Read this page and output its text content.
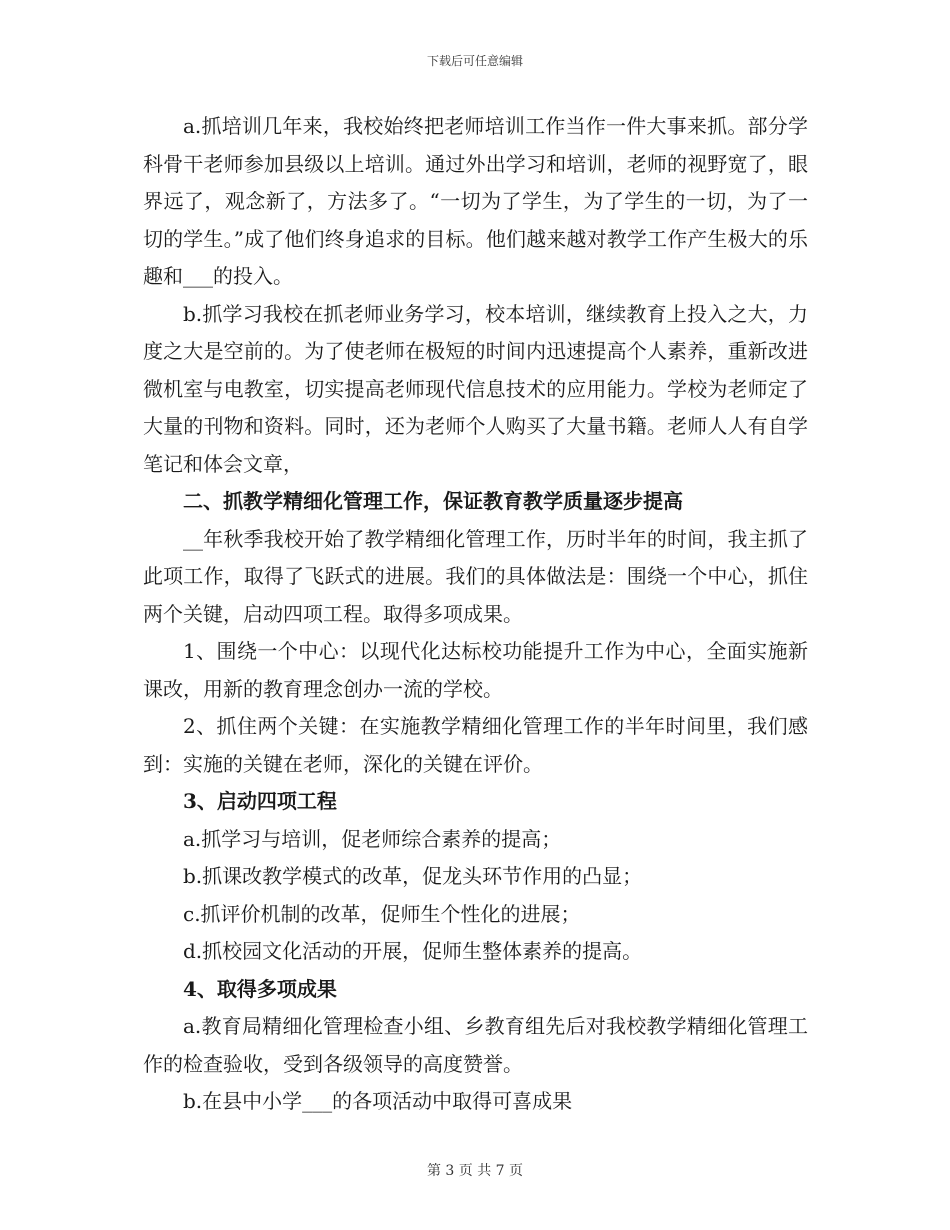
下载后可任意编辑

a.抓培训几年来，我校始终把老师培训工作当作一件大事来抓。部分学科骨干老师参加县级以上培训。通过外出学习和培训，老师的视野宽了，眼界远了，观念新了，方法多了。“一切为了学生，为了学生的一切，为了一切的学生。”成了他们终身追求的目标。他们越来越对教学工作产生极大的乐趣和___的投入。

b.抓学习我校在抓老师业务学习，校本培训，继续教育上投入之大，力度之大是空前的。为了使老师在极短的时间内迅速提高个人素养，重新改进微机室与电教室，切实提高老师现代信息技术的应用能力。学校为老师定了大量的刊物和资料。同时，还为老师个人购买了大量书籍。老师人人有自学笔记和体会文章，

二、抓教学精细化管理工作，保证教育教学质量逐步提高

__年秋季我校开始了教学精细化管理工作，历时半年的时间，我主抓了此项工作，取得了飞跃式的进展。我们的具体做法是：围绕一个中心，抓住两个关键，启动四项工程。取得多项成果。

1、围绕一个中心：以现代化达标校功能提升工作为中心，全面实施新课改，用新的教育理念创办一流的学校。

2、抓住两个关键：在实施教学精细化管理工作的半年时间里，我们感到：实施的关键在老师，深化的关键在评价。

3、启动四项工程

a.抓学习与培训，促老师综合素养的提高；

b.抓课改教学模式的改革，促龙头环节作用的凸显；

c.抓评价机制的改革，促师生个性化的进展；

d.抓校园文化活动的开展，促师生整体素养的提高。

4、取得多项成果

a.教育局精细化管理检查小组、乡教育组先后对我校教学精细化管理工作的检查验收，受到各级领导的高度赞誉。

b.在县中小学___的各项活动中取得可喜成果

第 3 页 共 7 页
